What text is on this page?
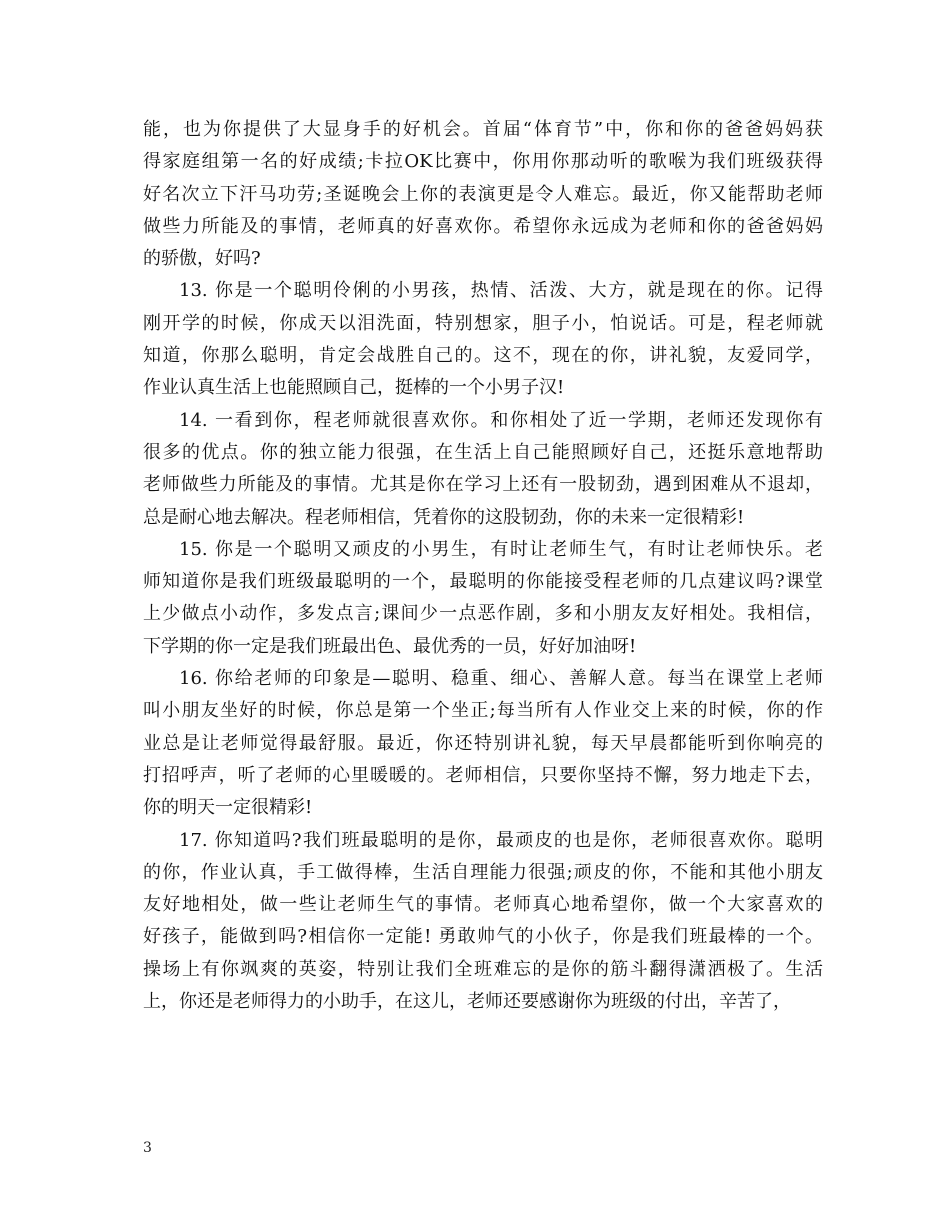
能，也为你提供了大显身手的好机会。首届“体育节”中，你和你的爸爸妈妈获
得家庭组第一名的好成绩;卡拉OK比赛中，你用你那动听的歌喉为我们班级获得
好名次立下汗马功劳;圣诞晚会上你的表演更是令人难忘。最近，你又能帮助老师
做些力所能及的事情，老师真的好喜欢你。希望你永远成为老师和你的爸爸妈妈
的骄傲，好吗?
13. 你是一个聪明伶俐的小男孩，热情、活泼、大方，就是现在的你。记得
刚开学的时候，你成天以泪洗面，特别想家，胆子小，怕说话。可是，程老师就
知道，你那么聪明，肯定会战胜自己的。这不，现在的你，讲礼貌，友爱同学，
作业认真生活上也能照顾自己，挺棒的一个小男子汉!
14. 一看到你，程老师就很喜欢你。和你相处了近一学期，老师还发现你有
很多的优点。你的独立能力很强，在生活上自己能照顾好自己，还挺乐意地帮助
老师做些力所能及的事情。尤其是你在学习上还有一股韧劲，遇到困难从不退却，
总是耐心地去解决。程老师相信，凭着你的这股韧劲，你的未来一定很精彩!
15. 你是一个聪明又顽皮的小男生，有时让老师生气，有时让老师快乐。老
师知道你是我们班级最聪明的一个，最聪明的你能接受程老师的几点建议吗?课堂
上少做点小动作，多发点言;课间少一点恶作剧，多和小朋友友好相处。我相信，
下学期的你一定是我们班最出色、最优秀的一员，好好加油呀!
16. 你给老师的印象是—聪明、稳重、细心、善解人意。每当在课堂上老师
叫小朋友坐好的时候，你总是第一个坐正;每当所有人作业交上来的时候，你的作
业总是让老师觉得最舒服。最近，你还特别讲礼貌，每天早晨都能听到你响亮的
打招呼声，听了老师的心里暖暖的。老师相信，只要你坚持不懈，努力地走下去，
你的明天一定很精彩!
17. 你知道吗?我们班最聪明的是你，最顽皮的也是你，老师很喜欢你。聪明
的你，作业认真，手工做得棒，生活自理能力很强;顽皮的你，不能和其他小朋友
友好地相处，做一些让老师生气的事情。老师真心地希望你，做一个大家喜欢的
好孩子，能做到吗?相信你一定能! 勇敢帅气的小伙子，你是我们班最棒的一个。
操场上有你飒爽的英姿，特别让我们全班难忘的是你的筋斗翻得潇洒极了。生活
上，你还是老师得力的小助手，在这儿，老师还要感谢你为班级的付出，辛苦了，
3
